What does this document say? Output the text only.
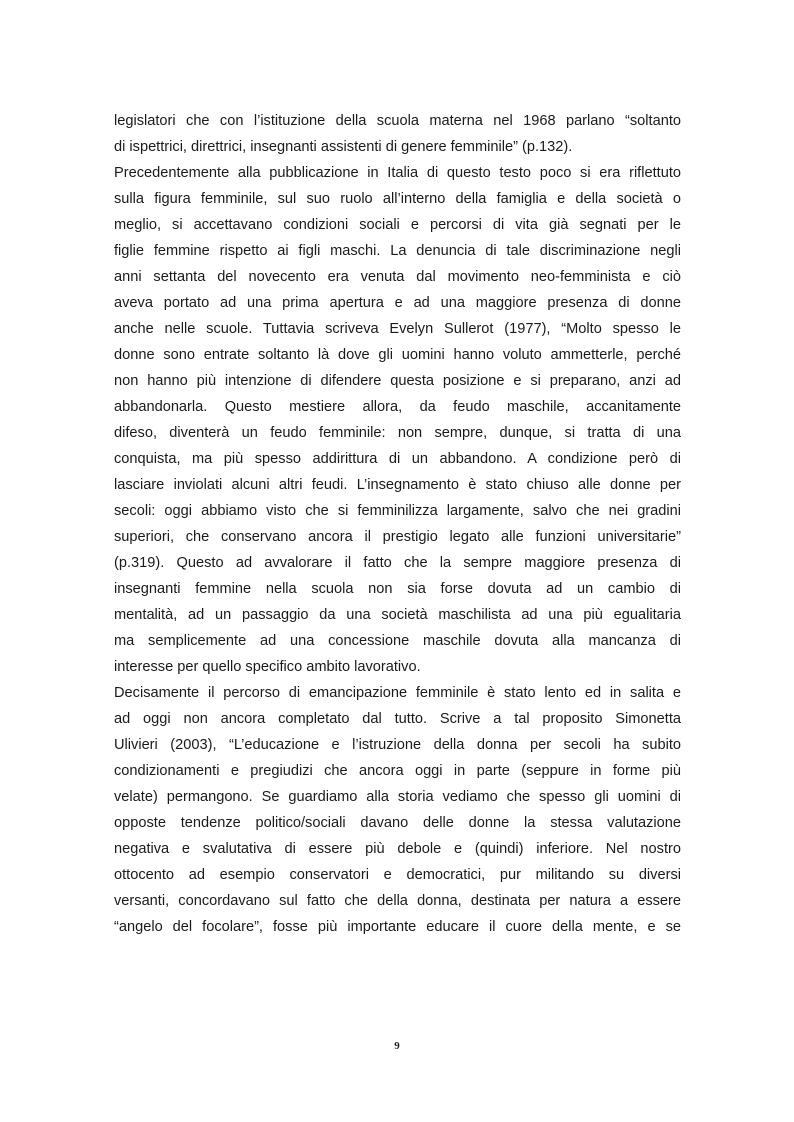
legislatori che con l’istituzione della scuola materna nel 1968 parlano “soltanto
di ispettrici, direttrici, insegnanti assistenti di genere femminile” (p.132).
Precedentemente alla pubblicazione in Italia di questo testo poco si era riflettuto
sulla figura femminile, sul suo ruolo all’interno della famiglia e della società o
meglio, si accettavano condizioni sociali e percorsi di vita già segnati per le
figlie femmine rispetto ai figli maschi. La denuncia di tale discriminazione negli
anni settanta del novecento era venuta dal movimento neo-femminista e ciò
aveva portato ad una prima apertura e ad una maggiore presenza di donne
anche nelle scuole. Tuttavia scriveva Evelyn Sullerot (1977), “Molto spesso le
donne sono entrate soltanto là dove gli uomini hanno voluto ammetterle, perché
non hanno più intenzione di difendere questa posizione e si preparano, anzi ad
abbandonarla. Questo mestiere allora, da feudo maschile, accanitamente
difeso, diventerà un feudo femminile: non sempre, dunque, si tratta di una
conquista, ma più spesso addirittura di un abbandono. A condizione però di
lasciare inviolati alcuni altri feudi. L’insegnamento è stato chiuso alle donne per
secoli: oggi abbiamo visto che si femminilizza largamente, salvo che nei gradini
superiori, che conservano ancora il prestigio legato alle funzioni universitarie”
(p.319). Questo ad avvalorare il fatto che la sempre maggiore presenza di
insegnanti femmine nella scuola non sia forse dovuta ad un cambio di
mentalità, ad un passaggio da una società maschilista ad una più egualitaria
ma semplicemente ad una concessione maschile dovuta alla mancanza di
interesse per quello specifico ambito lavorativo.
Decisamente il percorso di emancipazione femminile è stato lento ed in salita e
ad oggi non ancora completato dal tutto. Scrive a tal proposito Simonetta
Ulivieri (2003), “L’educazione e l’istruzione della donna per secoli ha subito
condizionamenti e pregiudizi che ancora oggi in parte (seppure in forme più
velate) permangono. Se guardiamo alla storia vediamo che spesso gli uomini di
opposte tendenze politico/sociali davano delle donne la stessa valutazione
negativa e svalutativa di essere più debole e (quindi) inferiore. Nel nostro
ottocento ad esempio conservatori e democratici, pur militando su diversi
versanti, concordavano sul fatto che della donna, destinata per natura a essere
“angelo del focolare”, fosse più importante educare il cuore della mente, e se
9
